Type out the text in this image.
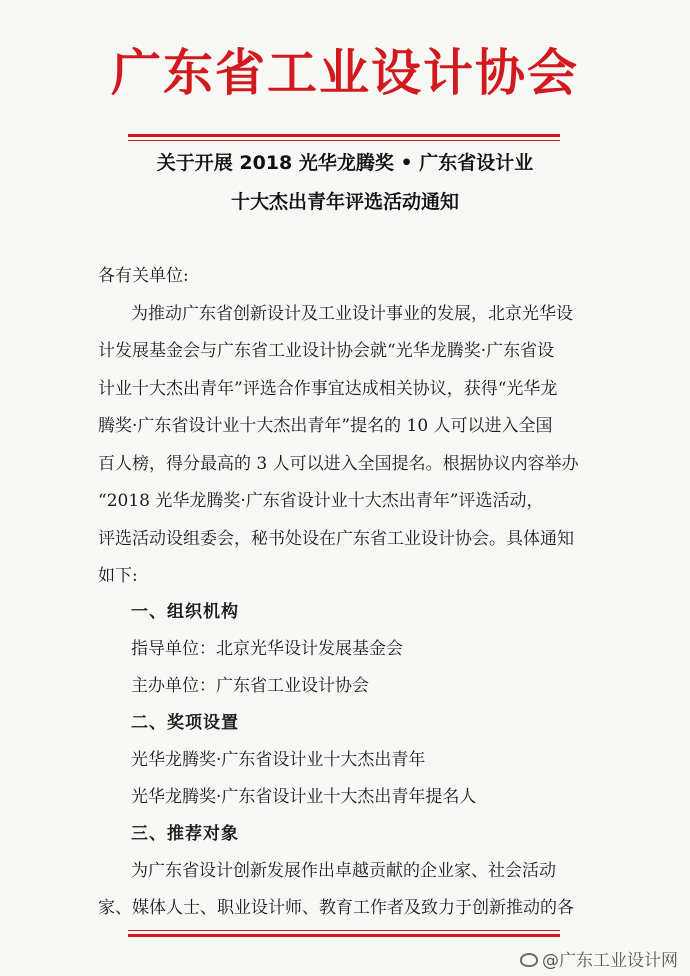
广东省工业设计协会
关于开展 2018 光华龙腾奖 • 广东省设计业
十大杰出青年评选活动通知
各有关单位:
为推动广东省创新设计及工业设计事业的发展，北京光华设
计发展基金会与广东省工业设计协会就“光华龙腾奖·广东省设
计业十大杰出青年”评选合作事宜达成相关协议，获得“光华龙
腾奖·广东省设计业十大杰出青年”提名的 10 人可以进入全国
百人榜，得分最高的 3 人可以进入全国提名。根据协议内容举办
“2018 光华龙腾奖·广东省设计业十大杰出青年”评选活动，
评选活动设组委会，秘书处设在广东省工业设计协会。具体通知
如下:
一、组织机构
指导单位：北京光华设计发展基金会
主办单位：广东省工业设计协会
二、奖项设置
光华龙腾奖·广东省设计业十大杰出青年
光华龙腾奖·广东省设计业十大杰出青年提名人
三、推荐对象
为广东省设计创新发展作出卓越贡献的企业家、社会活动
家、媒体人士、职业设计师、教育工作者及致力于创新推动的各
@广东工业设计网
